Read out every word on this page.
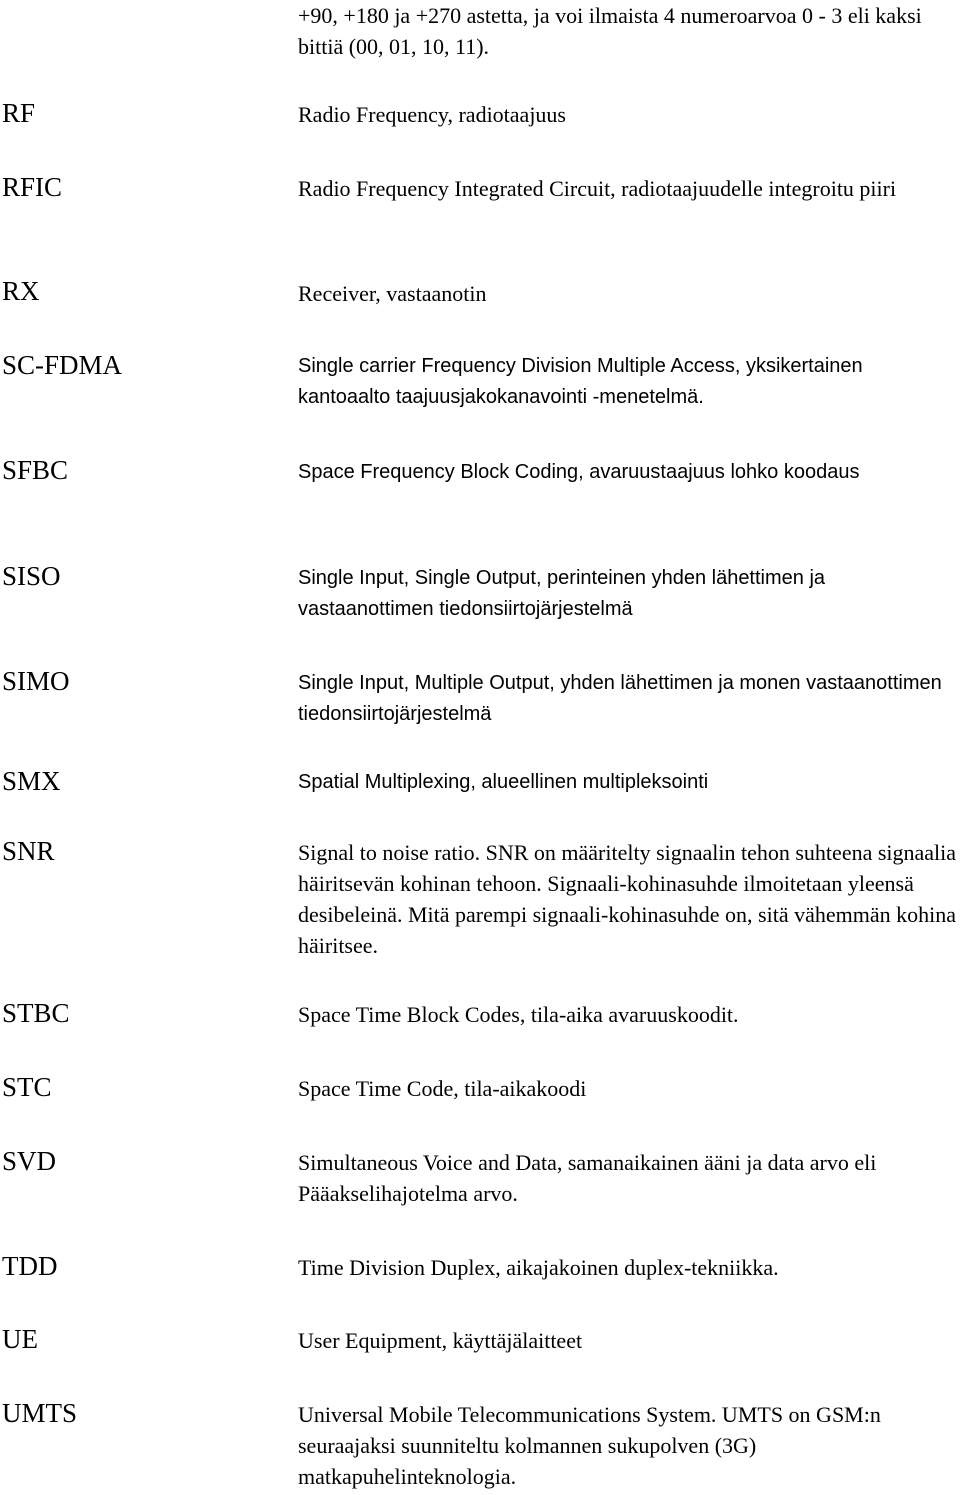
+90, +180 ja +270 astetta, ja voi ilmaista 4 numeroarvoa 0 - 3 eli kaksi bittiä (00, 01, 10, 11).
RF	Radio Frequency, radiotaajuus
RFIC	Radio Frequency Integrated Circuit, radiotaajuudelle integroitu piiri
RX	Receiver, vastaanotin
SC-FDMA	Single carrier Frequency Division Multiple Access, yksikertainen kantoaalto taajuusjakokanavointi -menetelmä.
SFBC	Space Frequency Block Coding, avaruustaajuus lohko koodaus
SISO	Single Input, Single Output, perinteinen yhden lähettimen ja vastaanottimen tiedonsiirtojärjestelmä
SIMO	Single Input, Multiple Output, yhden lähettimen ja monen vastaanottimen tiedonsiirtojärjestelmä
SMX	Spatial Multiplexing, alueellinen multipleksointi
SNR	Signal to noise ratio. SNR on määritelty signaalin tehon suhteena signaalia häiritsevän kohinan tehoon. Signaali-kohinasuhde ilmoitetaan yleensä desibeleinä. Mitä parempi signaali-kohinasuhde on, sitä vähemmän kohina häiritsee.
STBC	Space Time Block Codes, tila-aika avaruuskoodit.
STC	Space Time Code, tila-aikakoodi
SVD	Simultaneous Voice and Data, samanaikainen ääni ja data arvo eli Pääakselihajotelma arvo.
TDD	Time Division Duplex, aikajakoinen duplex-tekniikka.
UE	User Equipment, käyttäjälaitteet
UMTS	Universal Mobile Telecommunications System. UMTS on GSM:n seuraajaksi suunniteltu kolmannen sukupolven (3G) matkapuhelinteknologia.
